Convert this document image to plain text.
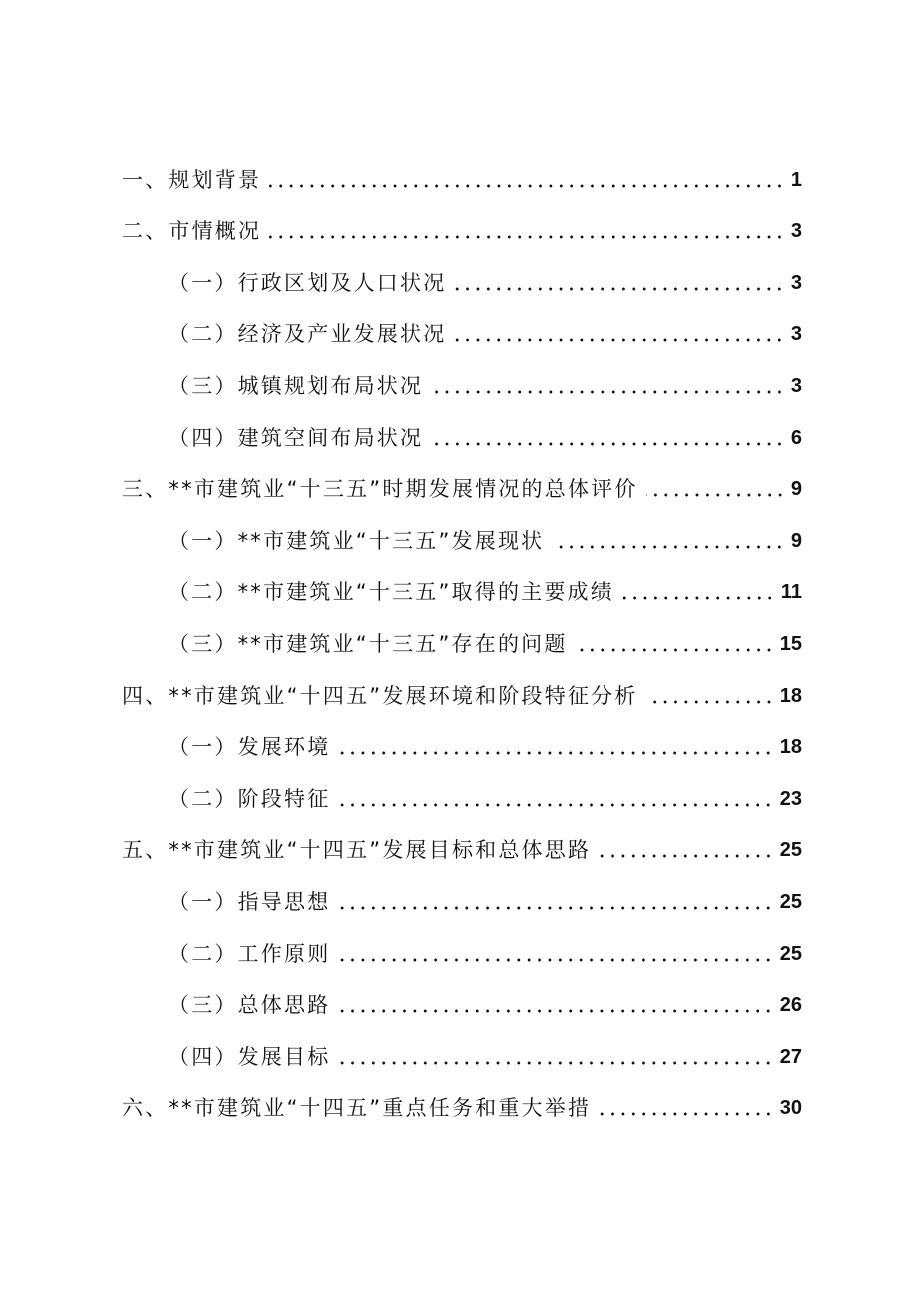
一、规划背景	1
二、市情概况	3
（一）行政区划及人口状况	3
（二）经济及产业发展状况	3
（三）城镇规划布局状况	3
（四）建筑空间布局状况	6
三、**市建筑业“十三五”时期发展情况的总体评价	9
（一）**市建筑业“十三五”发展现状	9
（二）**市建筑业“十三五”取得的主要成绩	11
（三）**市建筑业“十三五”存在的问题	15
四、**市建筑业“十四五”发展环境和阶段特征分析	18
（一）发展环境	18
（二）阶段特征	23
五、**市建筑业“十四五”发展目标和总体思路	25
（一）指导思想	25
（二）工作原则	25
（三）总体思路	26
（四）发展目标	27
六、**市建筑业“十四五”重点任务和重大举措	30
